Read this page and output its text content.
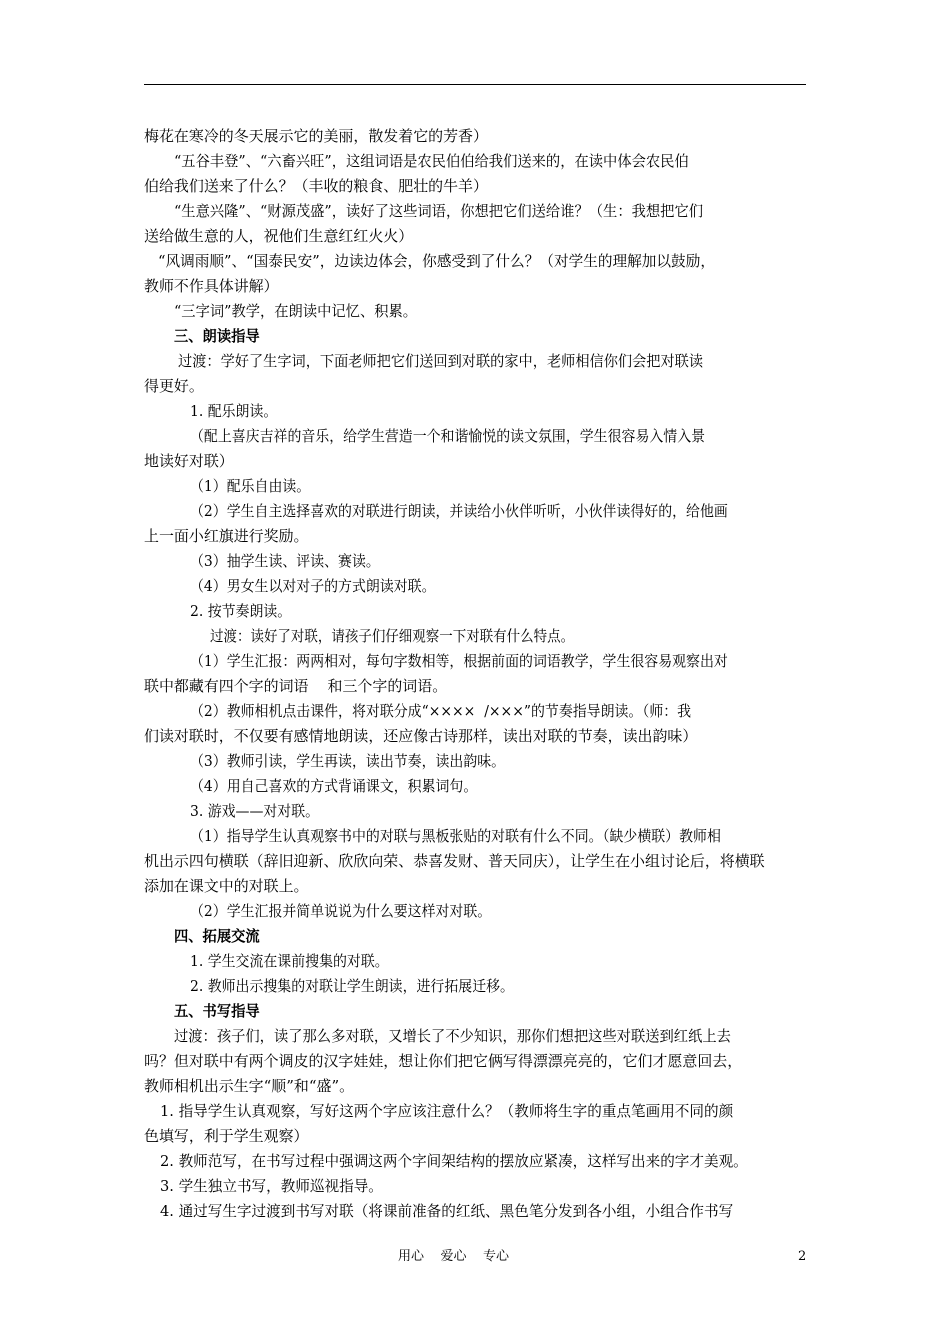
梅花在寒冷的冬天展示它的美丽，散发着它的芳香）
“五谷丰登”、“六畜兴旺”，这组词语是农民伯伯给我们送来的，在读中体会农民伯
伯给我们送来了什么？（丰收的粮食、肥壮的牛羊）
“生意兴隆”、“财源茂盛”，读好了这些词语，你想把它们送给谁？（生：我想把它们
送给做生意的人，祝他们生意红红火火）
“风调雨顺”、“国泰民安”，边读边体会，你感受到了什么？（对学生的理解加以鼓励，
教师不作具体讲解）
“三字词”教学，在朗读中记忆、积累。
三、朗读指导
过渡：学好了生字词，下面老师把它们送回到对联的家中，老师相信你们会把对联读
得更好。
1. 配乐朗读。
（配上喜庆吉祥的音乐，给学生营造一个和谐愉悦的读文氛围，学生很容易入情入景
地读好对联）
（1）配乐自由读。
（2）学生自主选择喜欢的对联进行朗读，并读给小伙伴听听，小伙伴读得好的，给他画
上一面小红旗进行奖励。
（3）抽学生读、评读、赛读。
（4）男女生以对对子的方式朗读对联。
2. 按节奏朗读。
过渡：读好了对联，请孩子们仔细观察一下对联有什么特点。
（1）学生汇报：两两相对，每句字数相等，根据前面的词语教学，学生很容易观察出对
联中都藏有四个字的词语    和三个字的词语。
（2）教师相机点击课件，将对联分成“××××  /×××”的节奏指导朗读。（师：我
们读对联时，不仅要有感情地朗读，还应像古诗那样，读出对联的节奏，读出韵味）
（3）教师引读，学生再读，读出节奏，读出韵味。
（4）用自己喜欢的方式背诵课文，积累词句。
3. 游戏——对对联。
（1）指导学生认真观察书中的对联与黑板张贴的对联有什么不同。（缺少横联）教师相
机出示四句横联（辞旧迎新、欣欣向荣、恭喜发财、普天同庆），让学生在小组讨论后，将横联
添加在课文中的对联上。
（2）学生汇报并简单说说为什么要这样对对联。
四、拓展交流
1. 学生交流在课前搜集的对联。
2. 教师出示搜集的对联让学生朗读，进行拓展迁移。
五、书写指导
过渡：孩子们，读了那么多对联，又增长了不少知识，那你们想把这些对联送到红纸上去
吗？但对联中有两个调皮的汉字娃娃，想让你们把它俩写得漂漂亮亮的，它们才愿意回去，
教师相机出示生字“顺”和“盛”。
1. 指导学生认真观察，写好这两个字应该注意什么？（教师将生字的重点笔画用不同的颜
色填写，利于学生观察）
2. 教师范写，在书写过程中强调这两个字间架结构的摆放应紧凑，这样写出来的字才美观。
3. 学生独立书写，教师巡视指导。
4. 通过写生字过渡到书写对联（将课前准备的红纸、黑色笔分发到各小组，小组合作书写
用心    爱心    专心	2
